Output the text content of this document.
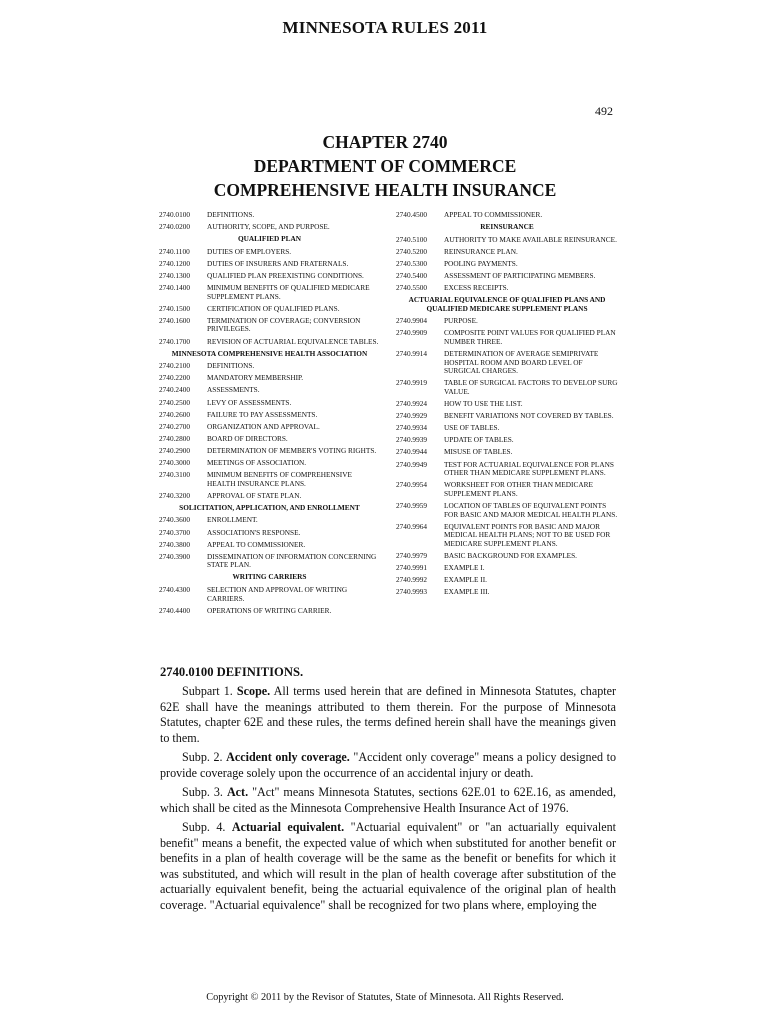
MINNESOTA RULES 2011
492
CHAPTER 2740
DEPARTMENT OF COMMERCE
COMPREHENSIVE HEALTH INSURANCE
2740.0100	DEFINITIONS.
2740.0200	AUTHORITY, SCOPE, AND PURPOSE.
QUALIFIED PLAN
2740.1100	DUTIES OF EMPLOYERS.
2740.1200	DUTIES OF INSURERS AND FRATERNALS.
2740.1300	QUALIFIED PLAN PREEXISTING CONDITIONS.
2740.1400	MINIMUM BENEFITS OF QUALIFIED MEDICARE SUPPLEMENT PLANS.
2740.1500	CERTIFICATION OF QUALIFIED PLANS.
2740.1600	TERMINATION OF COVERAGE; CONVERSION PRIVILEGES.
2740.1700	REVISION OF ACTUARIAL EQUIVALENCE TABLES.
MINNESOTA COMPREHENSIVE HEALTH ASSOCIATION
2740.2100	DEFINITIONS.
2740.2200	MANDATORY MEMBERSHIP.
2740.2400	ASSESSMENTS.
2740.2500	LEVY OF ASSESSMENTS.
2740.2600	FAILURE TO PAY ASSESSMENTS.
2740.2700	ORGANIZATION AND APPROVAL.
2740.2800	BOARD OF DIRECTORS.
2740.2900	DETERMINATION OF MEMBER'S VOTING RIGHTS.
2740.3000	MEETINGS OF ASSOCIATION.
2740.3100	MINIMUM BENEFITS OF COMPREHENSIVE HEALTH INSURANCE PLANS.
2740.3200	APPROVAL OF STATE PLAN.
SOLICITATION, APPLICATION, AND ENROLLMENT
2740.3600	ENROLLMENT.
2740.3700	ASSOCIATION'S RESPONSE.
2740.3800	APPEAL TO COMMISSIONER.
2740.3900	DISSEMINATION OF INFORMATION CONCERNING STATE PLAN.
WRITING CARRIERS
2740.4300	SELECTION AND APPROVAL OF WRITING CARRIERS.
2740.4400	OPERATIONS OF WRITING CARRIER.
2740.4500	APPEAL TO COMMISSIONER.
REINSURANCE
2740.5100	AUTHORITY TO MAKE AVAILABLE REINSURANCE.
2740.5200	REINSURANCE PLAN.
2740.5300	POOLING PAYMENTS.
2740.5400	ASSESSMENT OF PARTICIPATING MEMBERS.
2740.5500	EXCESS RECEIPTS.
ACTUARIAL EQUIVALENCE OF QUALIFIED PLANS AND QUALIFIED MEDICARE SUPPLEMENT PLANS
2740.9904	PURPOSE.
2740.9909	COMPOSITE POINT VALUES FOR QUALIFIED PLAN NUMBER THREE.
2740.9914	DETERMINATION OF AVERAGE SEMIPRIVATE HOSPITAL ROOM AND BOARD LEVEL OF SURGICAL CHARGES.
2740.9919	TABLE OF SURGICAL FACTORS TO DEVELOP SURG VALUE.
2740.9924	HOW TO USE THE LIST.
2740.9929	BENEFIT VARIATIONS NOT COVERED BY TABLES.
2740.9934	USE OF TABLES.
2740.9939	UPDATE OF TABLES.
2740.9944	MISUSE OF TABLES.
2740.9949	TEST FOR ACTUARIAL EQUIVALENCE FOR PLANS OTHER THAN MEDICARE SUPPLEMENT PLANS.
2740.9954	WORKSHEET FOR OTHER THAN MEDICARE SUPPLEMENT PLANS.
2740.9959	LOCATION OF TABLES OF EQUIVALENT POINTS FOR BASIC AND MAJOR MEDICAL HEALTH PLANS.
2740.9964	EQUIVALENT POINTS FOR BASIC AND MAJOR MEDICAL HEALTH PLANS; NOT TO BE USED FOR MEDICARE SUPPLEMENT PLANS.
2740.9979	BASIC BACKGROUND FOR EXAMPLES.
2740.9991	EXAMPLE I.
2740.9992	EXAMPLE II.
2740.9993	EXAMPLE III.
2740.0100 DEFINITIONS.

Subpart 1. Scope. All terms used herein that are defined in Minnesota Statutes, chapter 62E shall have the meanings attributed to them therein. For the purpose of Minnesota Statutes, chapter 62E and these rules, the terms defined herein shall have the meanings given to them.

Subp. 2. Accident only coverage. "Accident only coverage" means a policy designed to provide coverage solely upon the occurrence of an accidental injury or death.

Subp. 3. Act. "Act" means Minnesota Statutes, sections 62E.01 to 62E.16, as amended, which shall be cited as the Minnesota Comprehensive Health Insurance Act of 1976.

Subp. 4. Actuarial equivalent. "Actuarial equivalent" or "an actuarially equivalent benefit" means a benefit, the expected value of which when substituted for another benefit or benefits in a plan of health coverage will be the same as the benefit or benefits for which it was substituted, and which will result in the plan of health coverage after substitution of the actuarially equivalent benefit, being the actuarial equivalence of the original plan of health coverage. "Actuarial equivalence" shall be recognized for two plans where, employing the

Copyright © 2011 by the Revisor of Statutes, State of Minnesota. All Rights Reserved.
